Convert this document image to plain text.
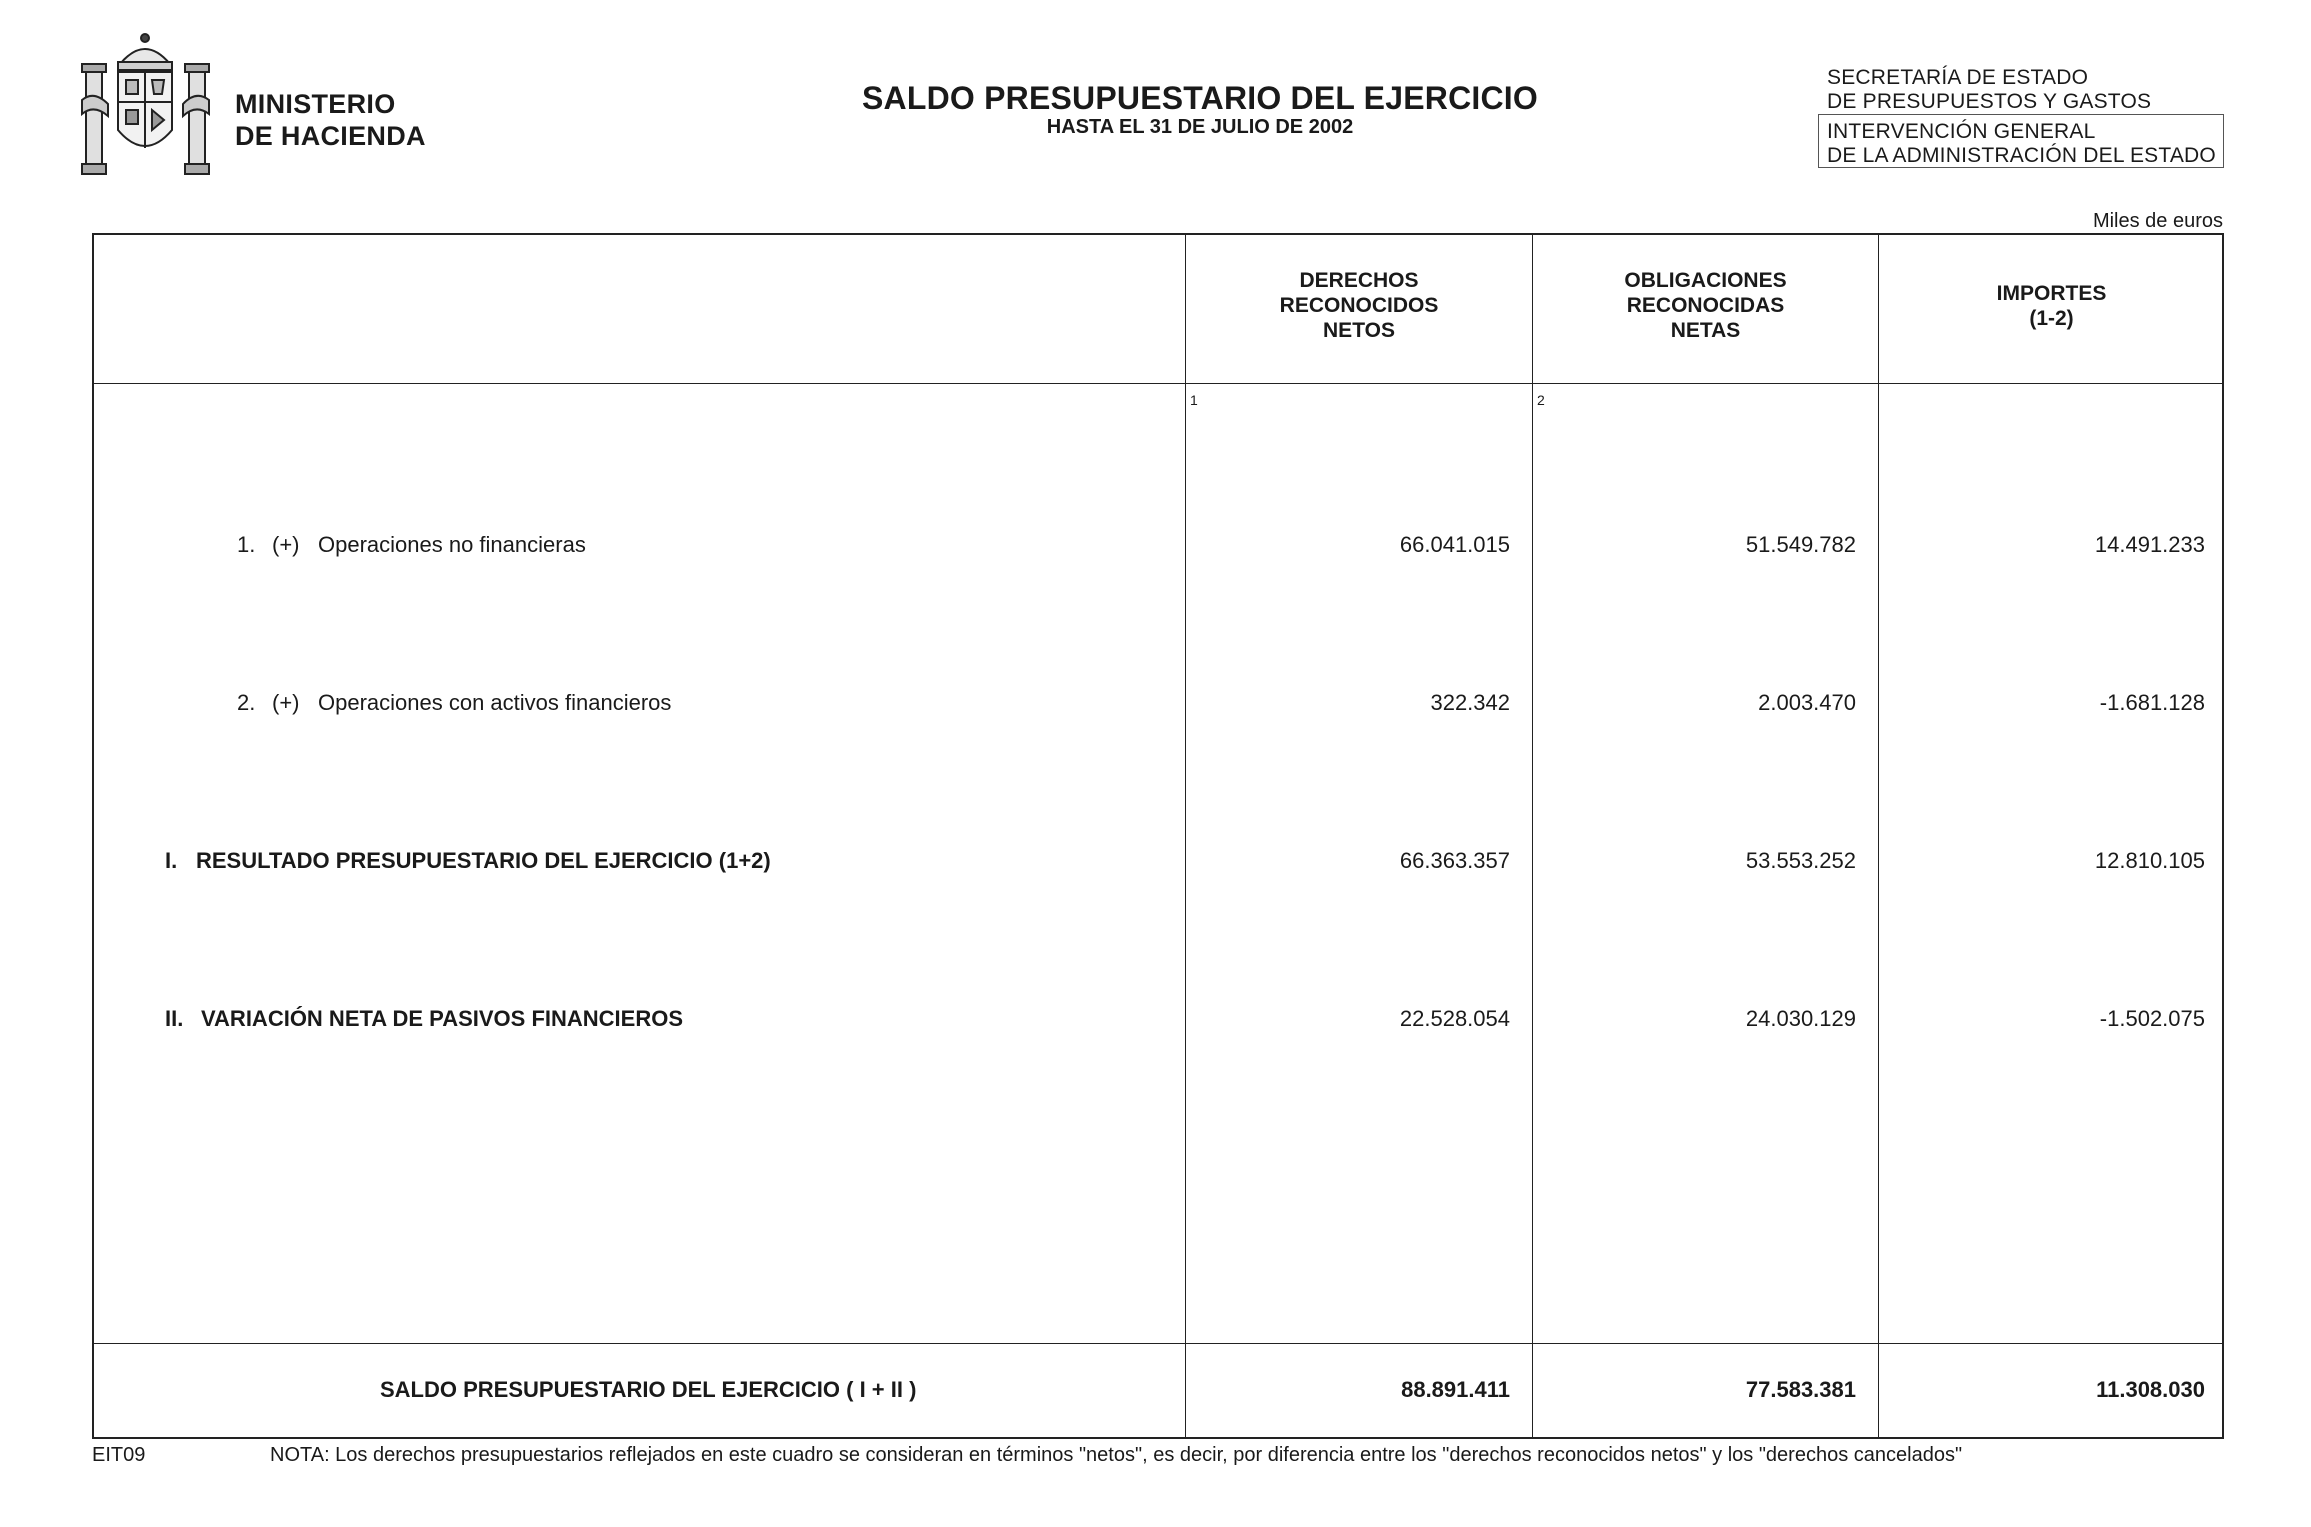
MINISTERIO
DE HACIENDA
SALDO PRESUPUESTARIO DEL EJERCICIO
HASTA EL 31 DE JULIO DE 2002
SECRETARÍA DE ESTADO
DE PRESUPUESTOS Y GASTOS
INTERVENCIÓN GENERAL
DE LA ADMINISTRACIÓN DEL ESTADO
Miles de euros
DERECHOS
RECONOCIDOS
NETOS
OBLIGACIONES
RECONOCIDAS
NETAS
IMPORTES
(1-2)
1	2
1. (+) Operaciones no financieras	66.041.015	51.549.782	14.491.233
2. (+) Operaciones con activos financieros	322.342	2.003.470	-1.681.128
I. RESULTADO PRESUPUESTARIO DEL EJERCICIO (1+2)	66.363.357	53.553.252	12.810.105
II. VARIACIÓN NETA DE PASIVOS FINANCIEROS	22.528.054	24.030.129	-1.502.075
SALDO PRESUPUESTARIO DEL EJERCICIO ( I + II )	88.891.411	77.583.381	11.308.030
EIT09	NOTA: Los derechos presupuestarios reflejados en este cuadro se consideran en términos "netos", es decir, por diferencia entre los "derechos reconocidos netos" y los "derechos cancelados"
